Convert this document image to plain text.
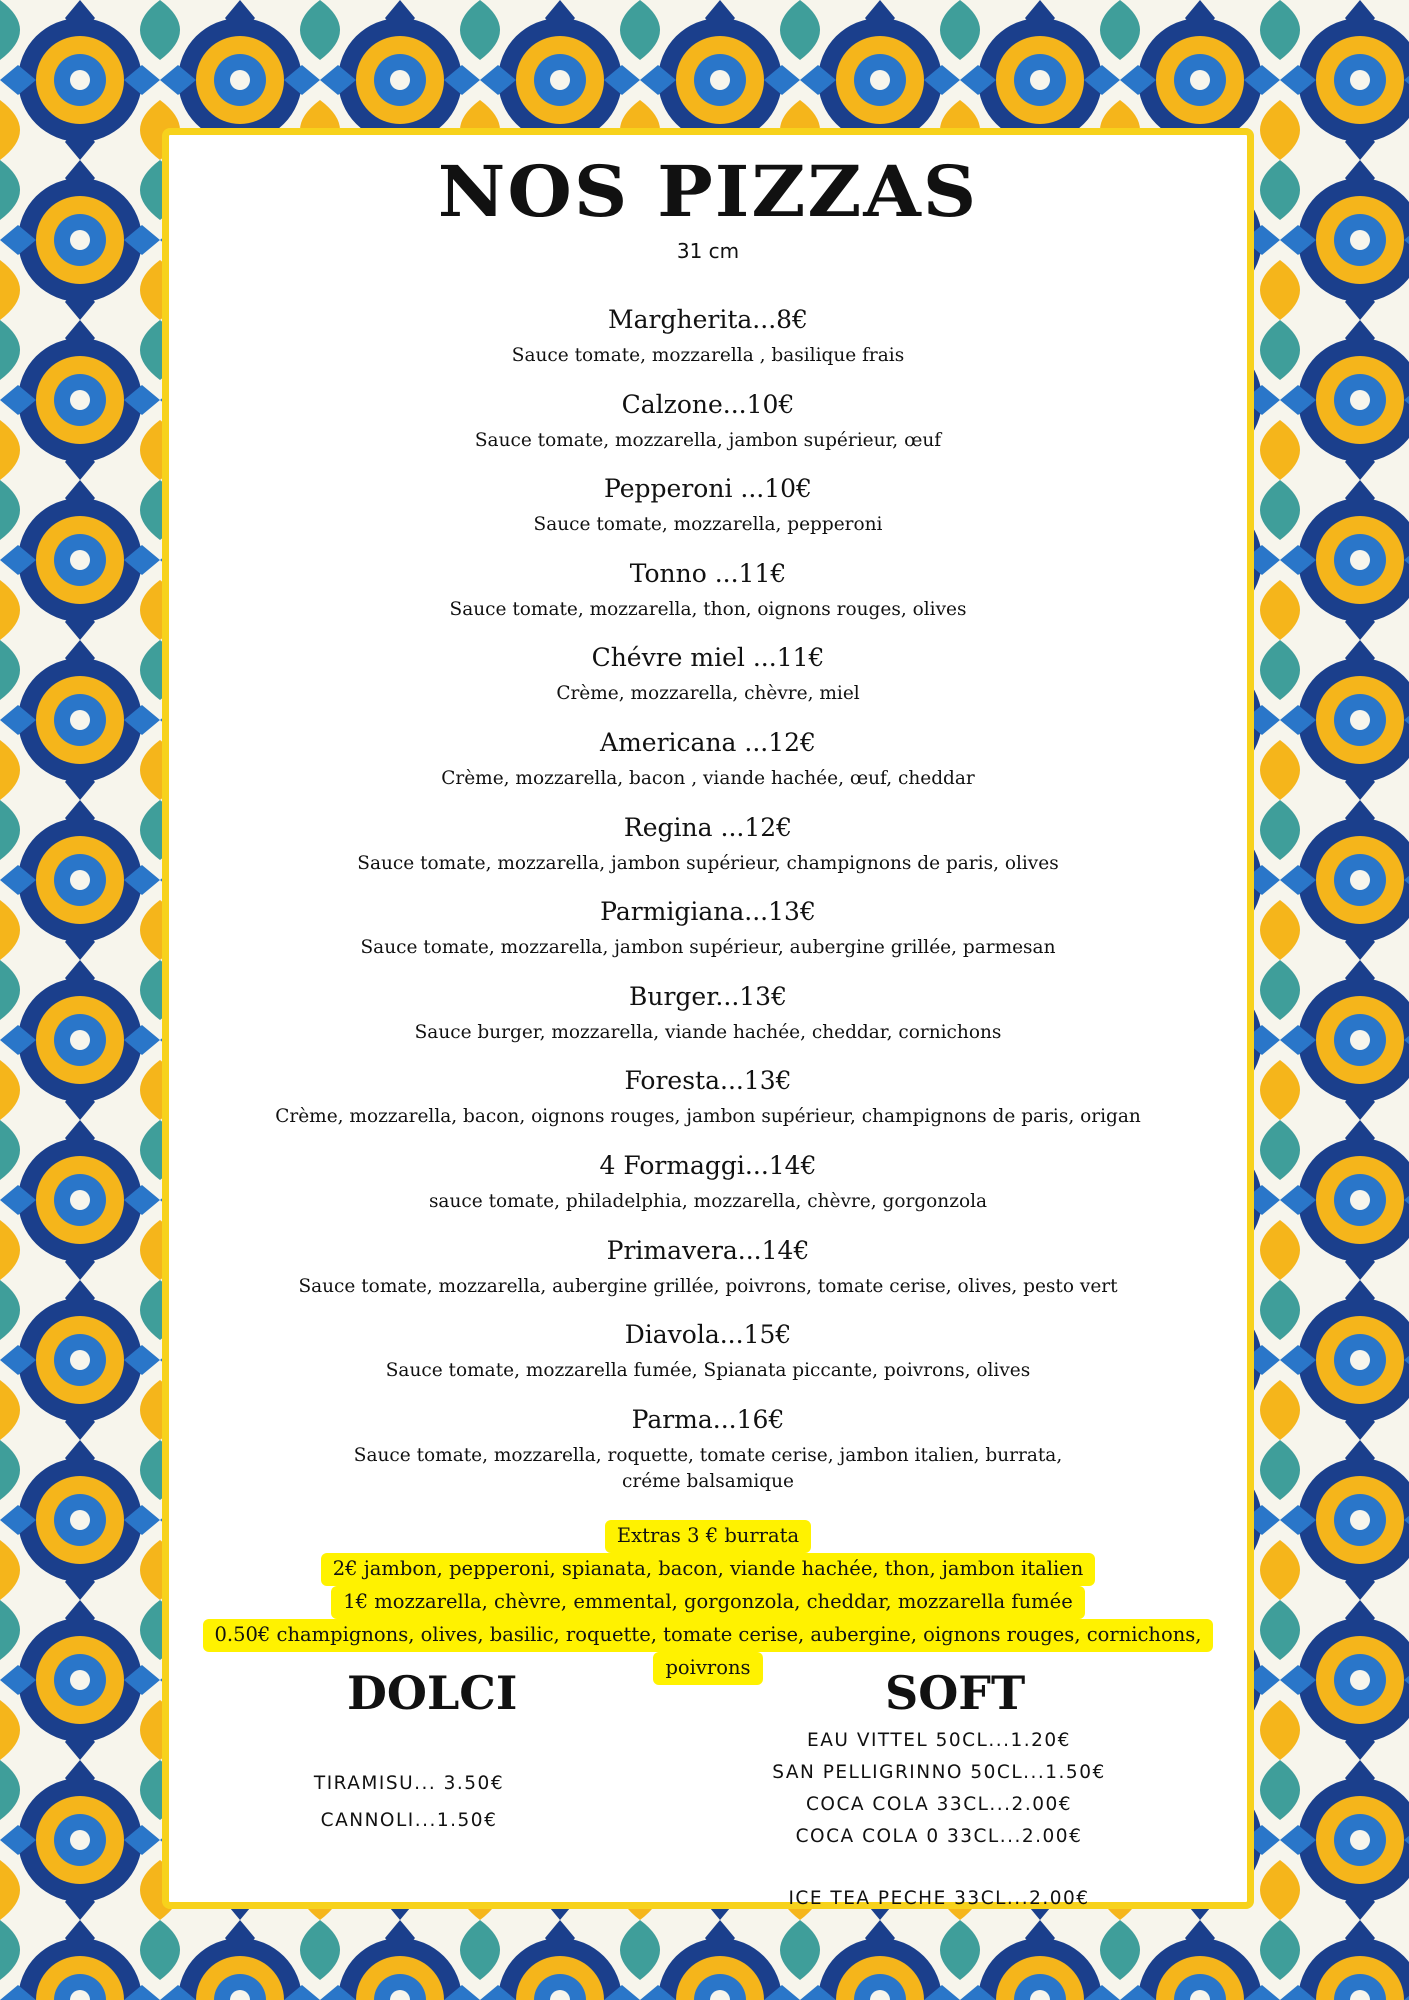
NOS PIZZAS
31 cm
Margherita...8€
Sauce tomate, mozzarella , basilique frais
Calzone...10€
Sauce tomate, mozzarella, jambon supérieur, œuf
Pepperoni ...10€
Sauce tomate, mozzarella, pepperoni
Tonno ...11€
Sauce tomate, mozzarella, thon, oignons rouges, olives
Chévre miel ...11€
Crème, mozzarella, chèvre, miel
Americana ...12€
Crème, mozzarella, bacon , viande hachée, œuf, cheddar
Regina ...12€
Sauce tomate, mozzarella, jambon supérieur, champignons de paris, olives
Parmigiana...13€
Sauce tomate, mozzarella, jambon supérieur, aubergine grillée, parmesan
Burger...13€
Sauce burger, mozzarella, viande hachée, cheddar, cornichons
Foresta...13€
Crème, mozzarella, bacon, oignons rouges, jambon supérieur, champignons de paris, origan
4 Formaggi...14€
sauce tomate, philadelphia, mozzarella, chèvre, gorgonzola
Primavera...14€
Sauce tomate, mozzarella, aubergine grillée, poivrons, tomate cerise, olives, pesto vert
Diavola...15€
Sauce tomate, mozzarella fumée, Spianata piccante, poivrons, olives
Parma...16€
Sauce tomate, mozzarella, roquette, tomate cerise, jambon italien, burrata, créme balsamique
Extras 3 € burrata
2€ jambon, pepperoni, spianata, bacon, viande hachée, thon, jambon italien
1€ mozzarella, chèvre, emmental, gorgonzola, cheddar, mozzarella fumée
0.50€ champignons, olives, basilic, roquette, tomate cerise, aubergine, oignons rouges, cornichons,
poivrons
DOLCI	SOFT
TIRAMISU... 3.50€
CANNOLI...1.50€
EAU VITTEL 50CL...1.20€
SAN PELLIGRINNO 50CL...1.50€
COCA COLA 33CL...2.00€
COCA COLA 0 33CL...2.00€
ICE TEA PECHE 33CL...2.00€
